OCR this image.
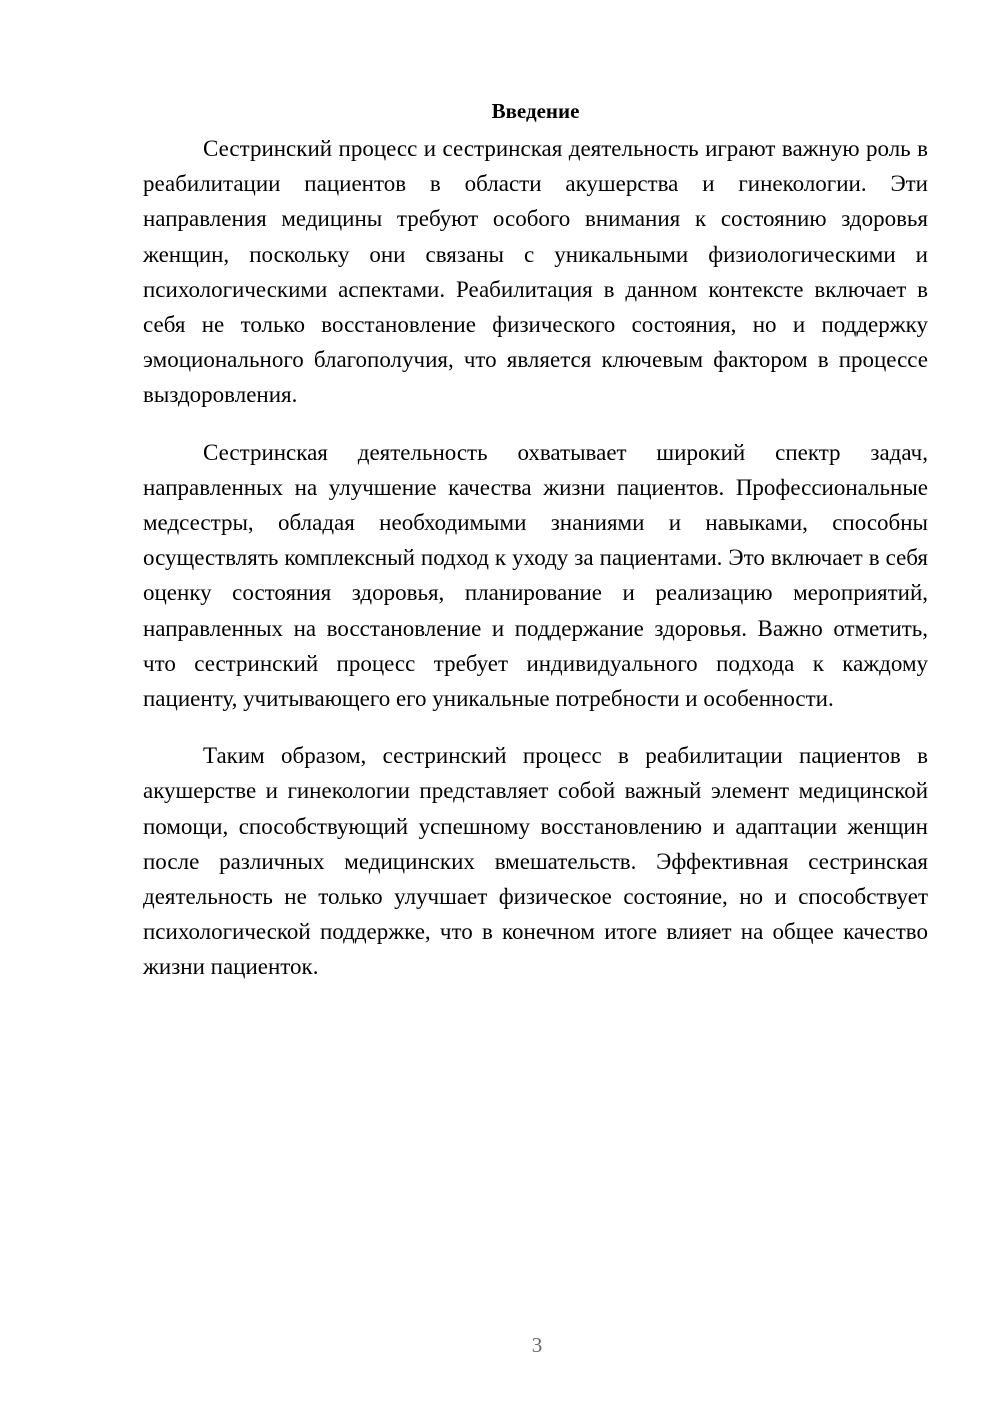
Введение

Сестринский процесс и сестринская деятельность играют важную роль в реабилитации пациентов в области акушерства и гинекологии. Эти направления медицины требуют особого внимания к состоянию здоровья женщин, поскольку они связаны с уникальными физиологическими и психологическими аспектами. Реабилитация в данном контексте включает в себя не только восстановление физического состояния, но и поддержку эмоционального благополучия, что является ключевым фактором в процессе выздоровления.

Сестринская деятельность охватывает широкий спектр задач, направленных на улучшение качества жизни пациентов. Профессиональные медсестры, обладая необходимыми знаниями и навыками, способны осуществлять комплексный подход к уходу за пациентами. Это включает в себя оценку состояния здоровья, планирование и реализацию мероприятий, направленных на восстановление и поддержание здоровья. Важно отметить, что сестринский процесс требует индивидуального подхода к каждому пациенту, учитывающего его уникальные потребности и особенности.

Таким образом, сестринский процесс в реабилитации пациентов в акушерстве и гинекологии представляет собой важный элемент медицинской помощи, способствующий успешному восстановлению и адаптации женщин после различных медицинских вмешательств. Эффективная сестринская деятельность не только улучшает физическое состояние, но и способствует психологической поддержке, что в конечном итоге влияет на общее качество жизни пациенток.

3
